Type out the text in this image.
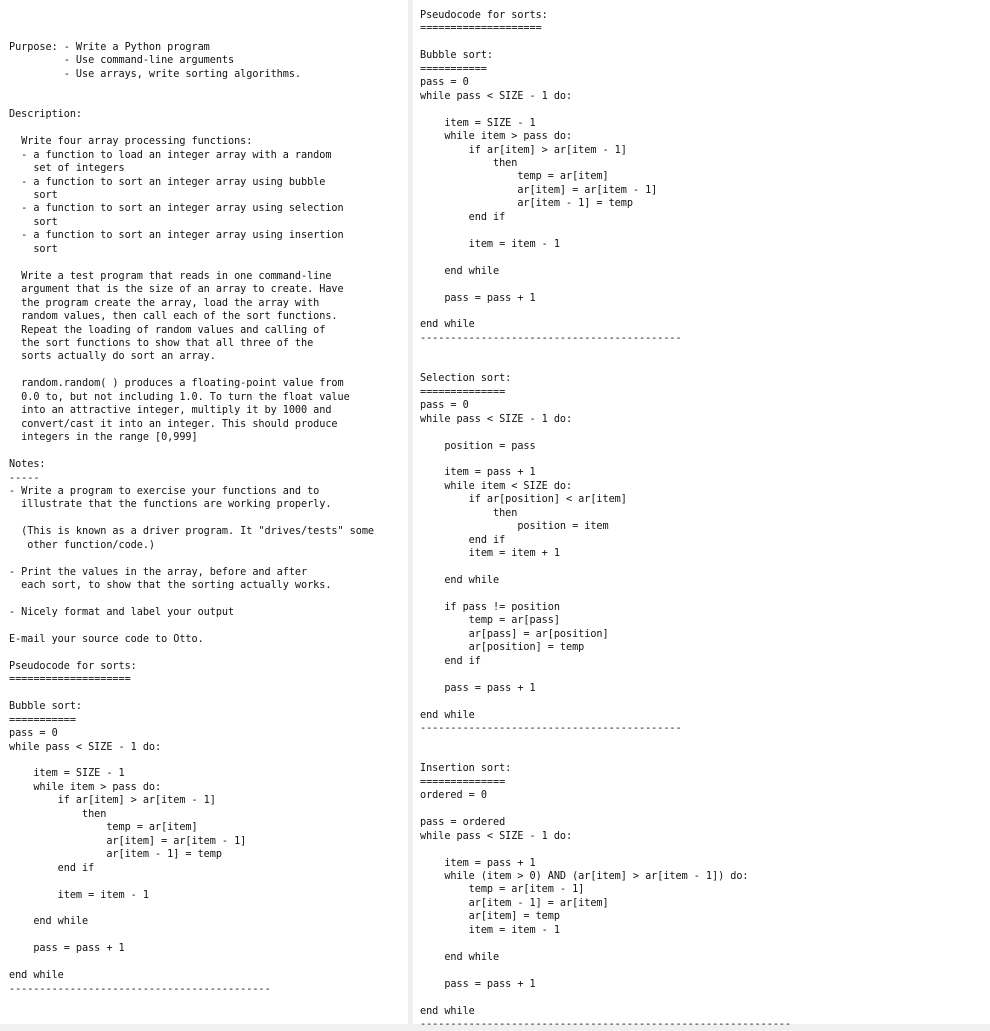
Purpose: - Write a Python program
- Use command-line arguments
- Use arrays, write sorting algorithms.

Description:

Write four array processing functions:
- a function to load an integer array with a random
set of integers
- a function to sort an integer array using bubble
sort
- a function to sort an integer array using selection
sort
- a function to sort an integer array using insertion
sort

Write a test program that reads in one command-line
argument that is the size of an array to create. Have
the program create the array, load the array with
random values, then call each of the sort functions.
Repeat the loading of random values and calling of
the sort functions to show that all three of the
sorts actually do sort an array.

random.random( ) produces a floating-point value from
0.0 to, but not including 1.0. To turn the float value
into an attractive integer, multiply it by 1000 and
convert/cast it into an integer. This should produce
integers in the range [0,999]

Notes:
-----
- Write a program to exercise your functions and to
illustrate that the functions are working properly.

(This is known as a driver program. It "drives/tests" some
other function/code.)

- Print the values in the array, before and after
each sort, to show that the sorting actually works.

- Nicely format and label your output

E-mail your source code to Otto.

Pseudocode for sorts:
====================

Bubble sort:
===========
pass = 0
while pass < SIZE - 1 do:

item = SIZE - 1
while item > pass do:
if ar[item] > ar[item - 1]
then
temp = ar[item]
ar[item] = ar[item - 1]
ar[item - 1] = temp
end if

item = item - 1

end while

pass = pass + 1

end while
-------------------------------------------
Pseudocode for sorts:
====================

Bubble sort:
===========
pass = 0
while pass < SIZE - 1 do:

item = SIZE - 1
while item > pass do:
if ar[item] > ar[item - 1]
then
temp = ar[item]
ar[item] = ar[item - 1]
ar[item - 1] = temp
end if

item = item - 1

end while

pass = pass + 1

end while
-------------------------------------------

Selection sort:
==============
pass = 0
while pass < SIZE - 1 do:

position = pass

item = pass + 1
while item < SIZE do:
if ar[position] < ar[item]
then
position = item
end if
item = item + 1

end while

if pass != position
temp = ar[pass]
ar[pass] = ar[position]
ar[position] = temp
end if

pass = pass + 1

end while
-------------------------------------------

Insertion sort:
==============
ordered = 0

pass = ordered
while pass < SIZE - 1 do:

item = pass + 1
while (item > 0) AND (ar[item] > ar[item - 1]) do:
temp = ar[item - 1]
ar[item - 1] = ar[item]
ar[item] = temp
item = item - 1

end while

pass = pass + 1

end while
-------------------------------------------------------------
